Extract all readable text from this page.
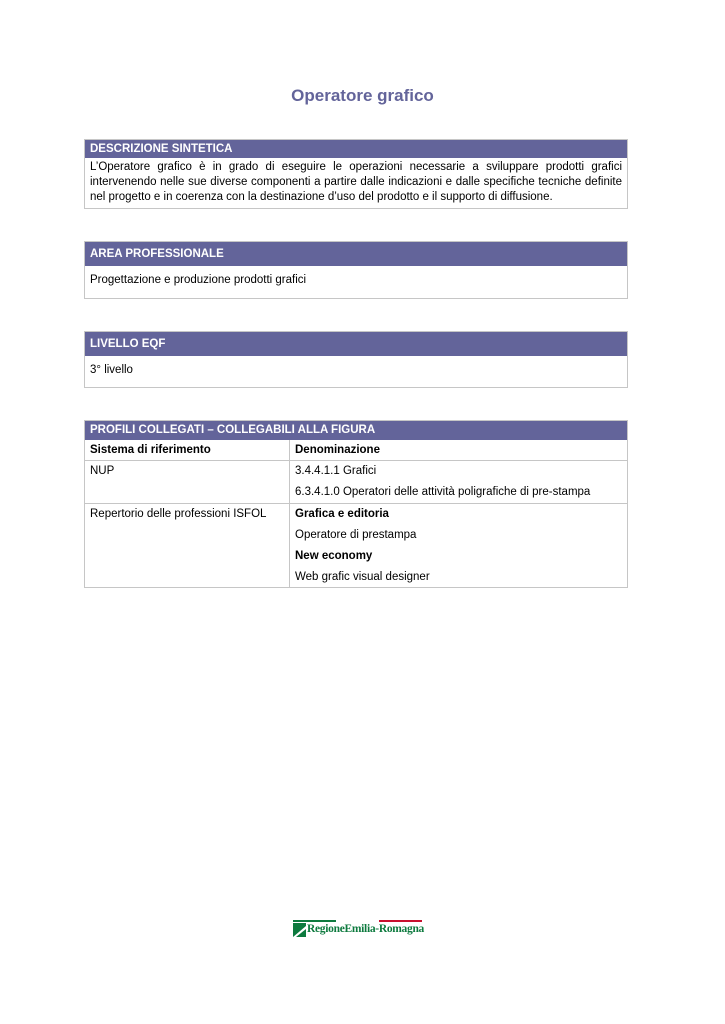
Operatore grafico
DESCRIZIONE SINTETICA
L’Operatore grafico è in grado di eseguire le operazioni necessarie a sviluppare prodotti grafici intervenendo nelle sue diverse componenti a partire dalle indicazioni e dalle specifiche tecniche definite nel progetto e in coerenza con la destinazione d’uso del prodotto e il supporto di diffusione.
AREA PROFESSIONALE
Progettazione e produzione prodotti grafici
LIVELLO EQF
3° livello
PROFILI COLLEGATI – COLLEGABILI ALLA FIGURA
Sistema di riferimento	Denominazione

NUP	3.4.4.1.1 Grafici
6.3.4.1.0 Operatori delle attività poligrafiche di pre-stampa

Repertorio delle professioni ISFOL	Grafica e editoria
Operatore di prestampa
New economy
Web grafic visual designer
RegioneEmilia-Romagna
